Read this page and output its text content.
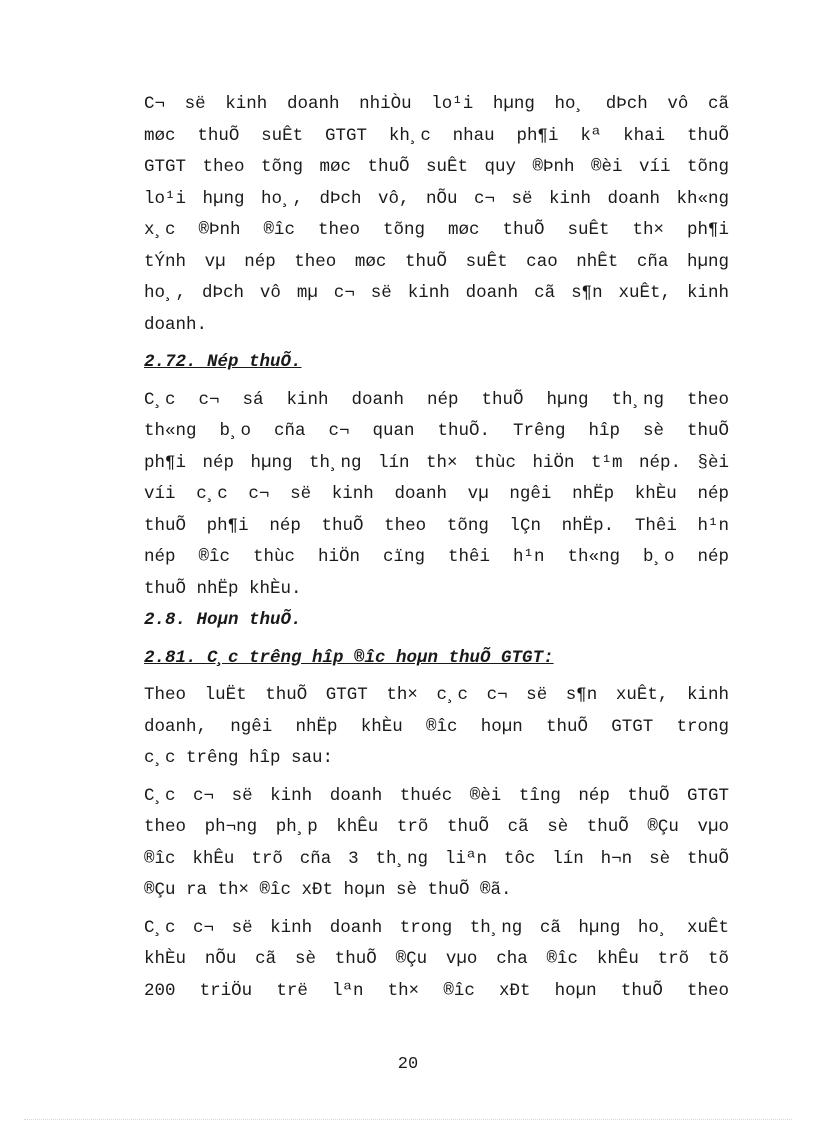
C¬ së kinh doanh nhiÒu lo¹i hµng ho¸ dÞch vô cã
møc thuÕ suÊt GTGT kh¸c nhau ph¶i kª khai thuÕ
GTGT theo tõng møc thuÕ suÊt quy ®Þnh ®èi víi tõng
lo¹i hµng ho¸, dÞch vô, nÕu c¬ së kinh doanh kh«ng
x¸c ®Þnh ®îc theo tõng møc thuÕ suÊt th× ph¶i
tÝnh vµ nép theo møc thuÕ suÊt cao nhÊt cña hµng
ho¸, dÞch vô mµ c¬ së kinh doanh cã s¶n xuÊt, kinh
doanh.

2.72. Nép thuÕ.

C¸c c¬ sá kinh doanh nép thuÕ hµng th¸ng theo
th«ng b¸o cña c¬ quan thuÕ. Trêng hîp sè thuÕ
ph¶i nép hµng th¸ng lín th× thùc hiÖn t¹m nép. §èi
víi c¸c c¬ së kinh doanh vµ ngêi nhËp khÈu nép
thuÕ ph¶i nép thuÕ theo tõng lÇn nhËp. Thêi h¹n
nép ®îc thùc hiÖn cïng thêi h¹n th«ng b¸o nép
thuÕ nhËp khÈu.

2.8. Hoµn thuÕ.

2.81. C¸c trêng hîp ®îc hoµn thuÕ GTGT:

Theo luËt thuÕ GTGT th× c¸c c¬ së s¶n xuÊt, kinh
doanh, ngêi nhËp khÈu ®îc hoµn thuÕ GTGT trong
c¸c trêng hîp sau:

C¸c c¬ së kinh doanh thuéc ®èi tîng nép thuÕ GTGT
theo ph¬ng ph¸p khÊu trõ thuÕ cã sè thuÕ ®Çu vµo
®îc khÊu trõ cña 3 th¸ng liªn tôc lín h¬n sè thuÕ
®Çu ra th× ®îc xÐt hoµn sè thuÕ ®ã.

C¸c c¬ së kinh doanh trong th¸ng cã hµng ho¸ xuÊt
khÈu nÕu cã sè thuÕ ®Çu vµo cha ®îc khÊu trõ tõ
200 triÖu trë lªn th× ®îc xÐt hoµn thuÕ theo

20
